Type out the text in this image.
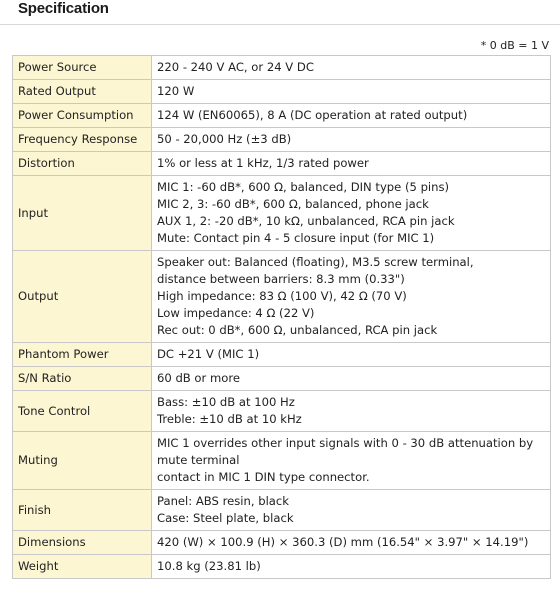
Specification
* 0 dB = 1 V
Power Source	220 - 240 V AC, or 24 V DC

Rated Output	120 W

Power Consumption	124 W (EN60065), 8 A (DC operation at rated output)

Frequency Response	50 - 20,000 Hz (±3 dB)

Distortion	1% or less at 1 kHz, 1/3 rated power

Input	MIC 1: -60 dB*, 600 Ω, balanced, DIN type (5 pins)
MIC 2, 3: -60 dB*, 600 Ω, balanced, phone jack
AUX 1, 2: -20 dB*, 10 kΩ, unbalanced, RCA pin jack
Mute: Contact pin 4 - 5 closure input (for MIC 1)

Output	Speaker out: Balanced (floating), M3.5 screw terminal,
distance between barriers: 8.3 mm (0.33")
High impedance: 83 Ω (100 V), 42 Ω (70 V)
Low impedance: 4 Ω (22 V)
Rec out: 0 dB*, 600 Ω, unbalanced, RCA pin jack

Phantom Power	DC +21 V (MIC 1)

S/N Ratio	60 dB or more

Tone Control	Bass: ±10 dB at 100 Hz
Treble: ±10 dB at 10 kHz

Muting	MIC 1 overrides other input signals with 0 - 30 dB attenuation by
mute terminal
contact in MIC 1 DIN type connector.

Finish	Panel: ABS resin, black
Case: Steel plate, black

Dimensions	420 (W) × 100.9 (H) × 360.3 (D) mm (16.54" × 3.97" × 14.19")

Weight	10.8 kg (23.81 lb)
